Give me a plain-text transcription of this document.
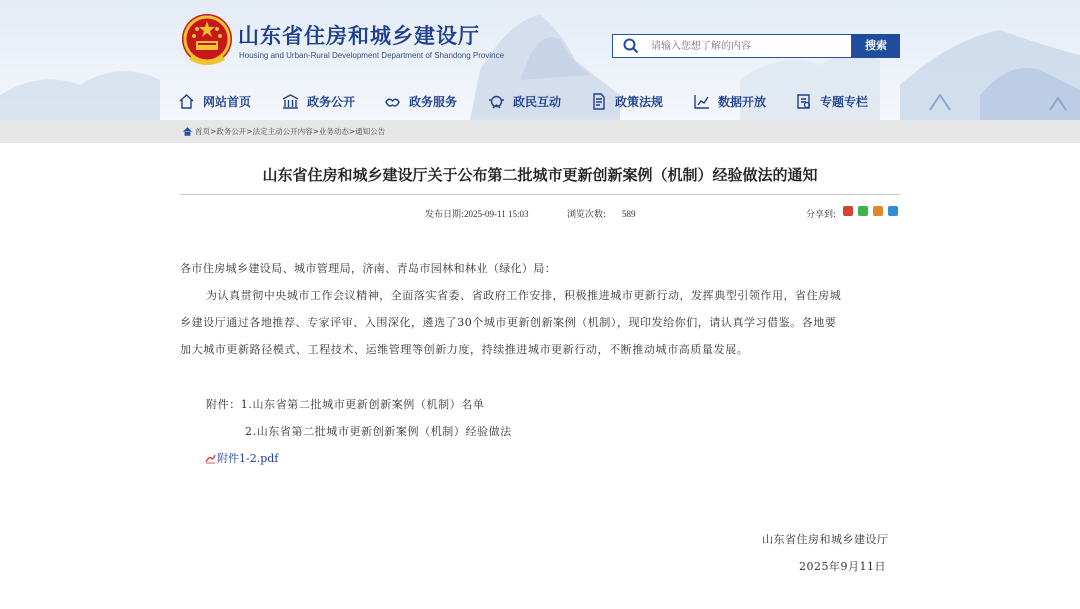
山东省住房和城乡建设厅
Housing and Urban-Rural Development Department of Shandong Province
请输入您想了解的内容
搜索
网站首页	政务公开	政务服务	政民互动	政策法规	数据开放	专题专栏
首页>政务公开>法定主动公开内容>业务动态>通知公告
山东省住房和城乡建设厅关于公布第二批城市更新创新案例（机制）经验做法的通知
发布日期:2025-09-11 15:03	浏览次数: 589	分享到:
各市住房城乡建设局、城市管理局，济南、青岛市园林和林业（绿化）局：
为认真贯彻中央城市工作会议精神，全面落实省委、省政府工作安排，积极推进城市更新行动，发挥典型引领作用，省住房城
乡建设厅通过各地推荐、专家评审、入围深化，遴选了30个城市更新创新案例（机制），现印发给你们，请认真学习借鉴。各地要
加大城市更新路径模式、工程技术、运维管理等创新力度，持续推进城市更新行动，不断推动城市高质量发展。
附件：1.山东省第二批城市更新创新案例（机制）名单
2.山东省第二批城市更新创新案例（机制）经验做法
附件1-2.pdf
山东省住房和城乡建设厅
2025年9月11日
